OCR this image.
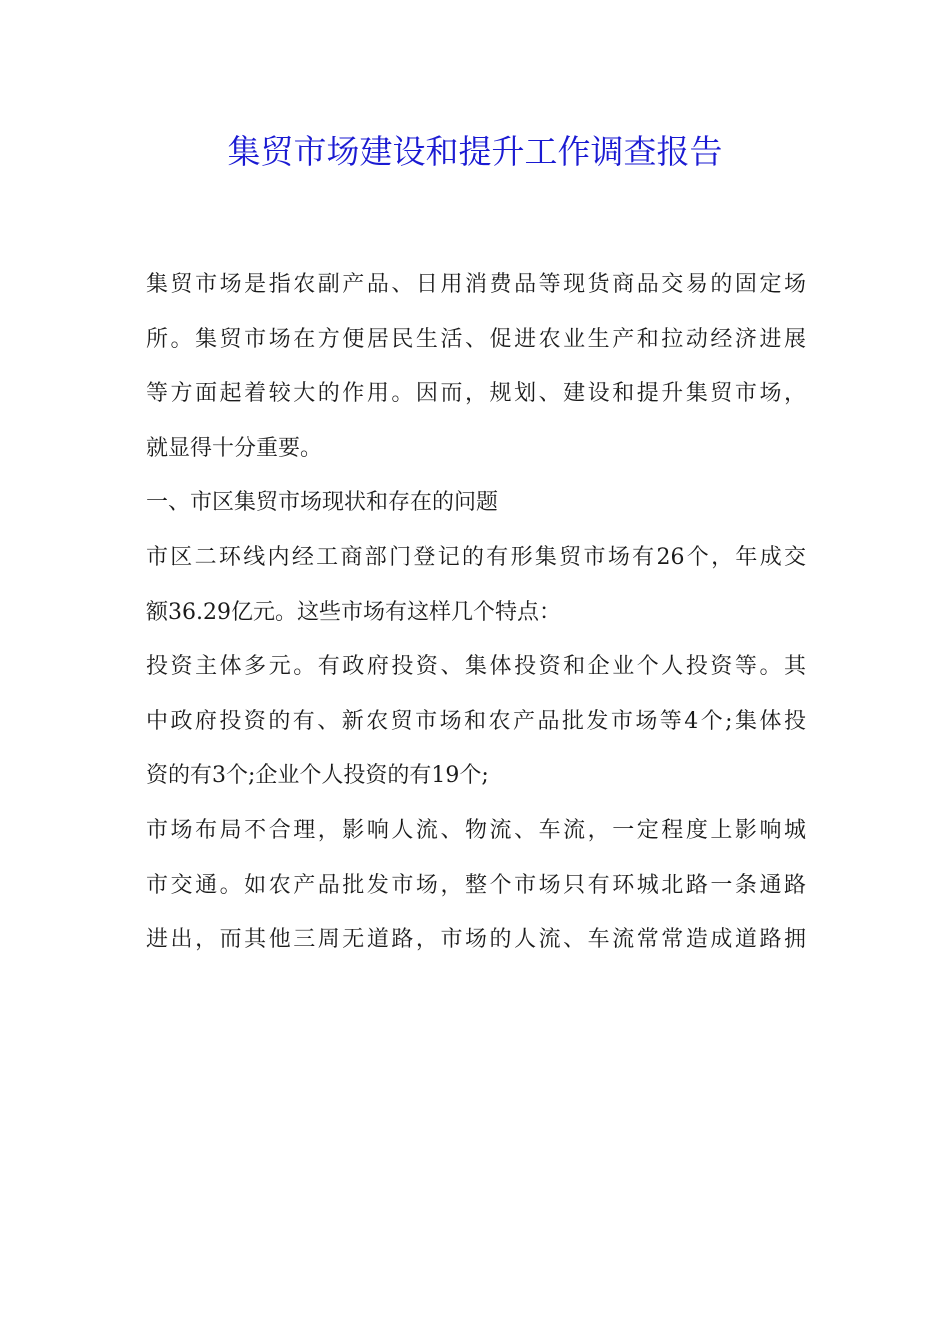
集贸市场建设和提升工作调查报告
集贸市场是指农副产品、日用消费品等现货商品交易的固定场
所。集贸市场在方便居民生活、促进农业生产和拉动经济进展
等方面起着较大的作用。因而，规划、建设和提升集贸市场，
就显得十分重要。
一、市区集贸市场现状和存在的问题
市区二环线内经工商部门登记的有形集贸市场有26个，年成交
额36.29亿元。这些市场有这样几个特点：
投资主体多元。有政府投资、集体投资和企业个人投资等。其
中政府投资的有、新农贸市场和农产品批发市场等4个;集体投
资的有3个;企业个人投资的有19个;
市场布局不合理，影响人流、物流、车流，一定程度上影响城
市交通。如农产品批发市场，整个市场只有环城北路一条通路
进出，而其他三周无道路，市场的人流、车流常常造成道路拥
